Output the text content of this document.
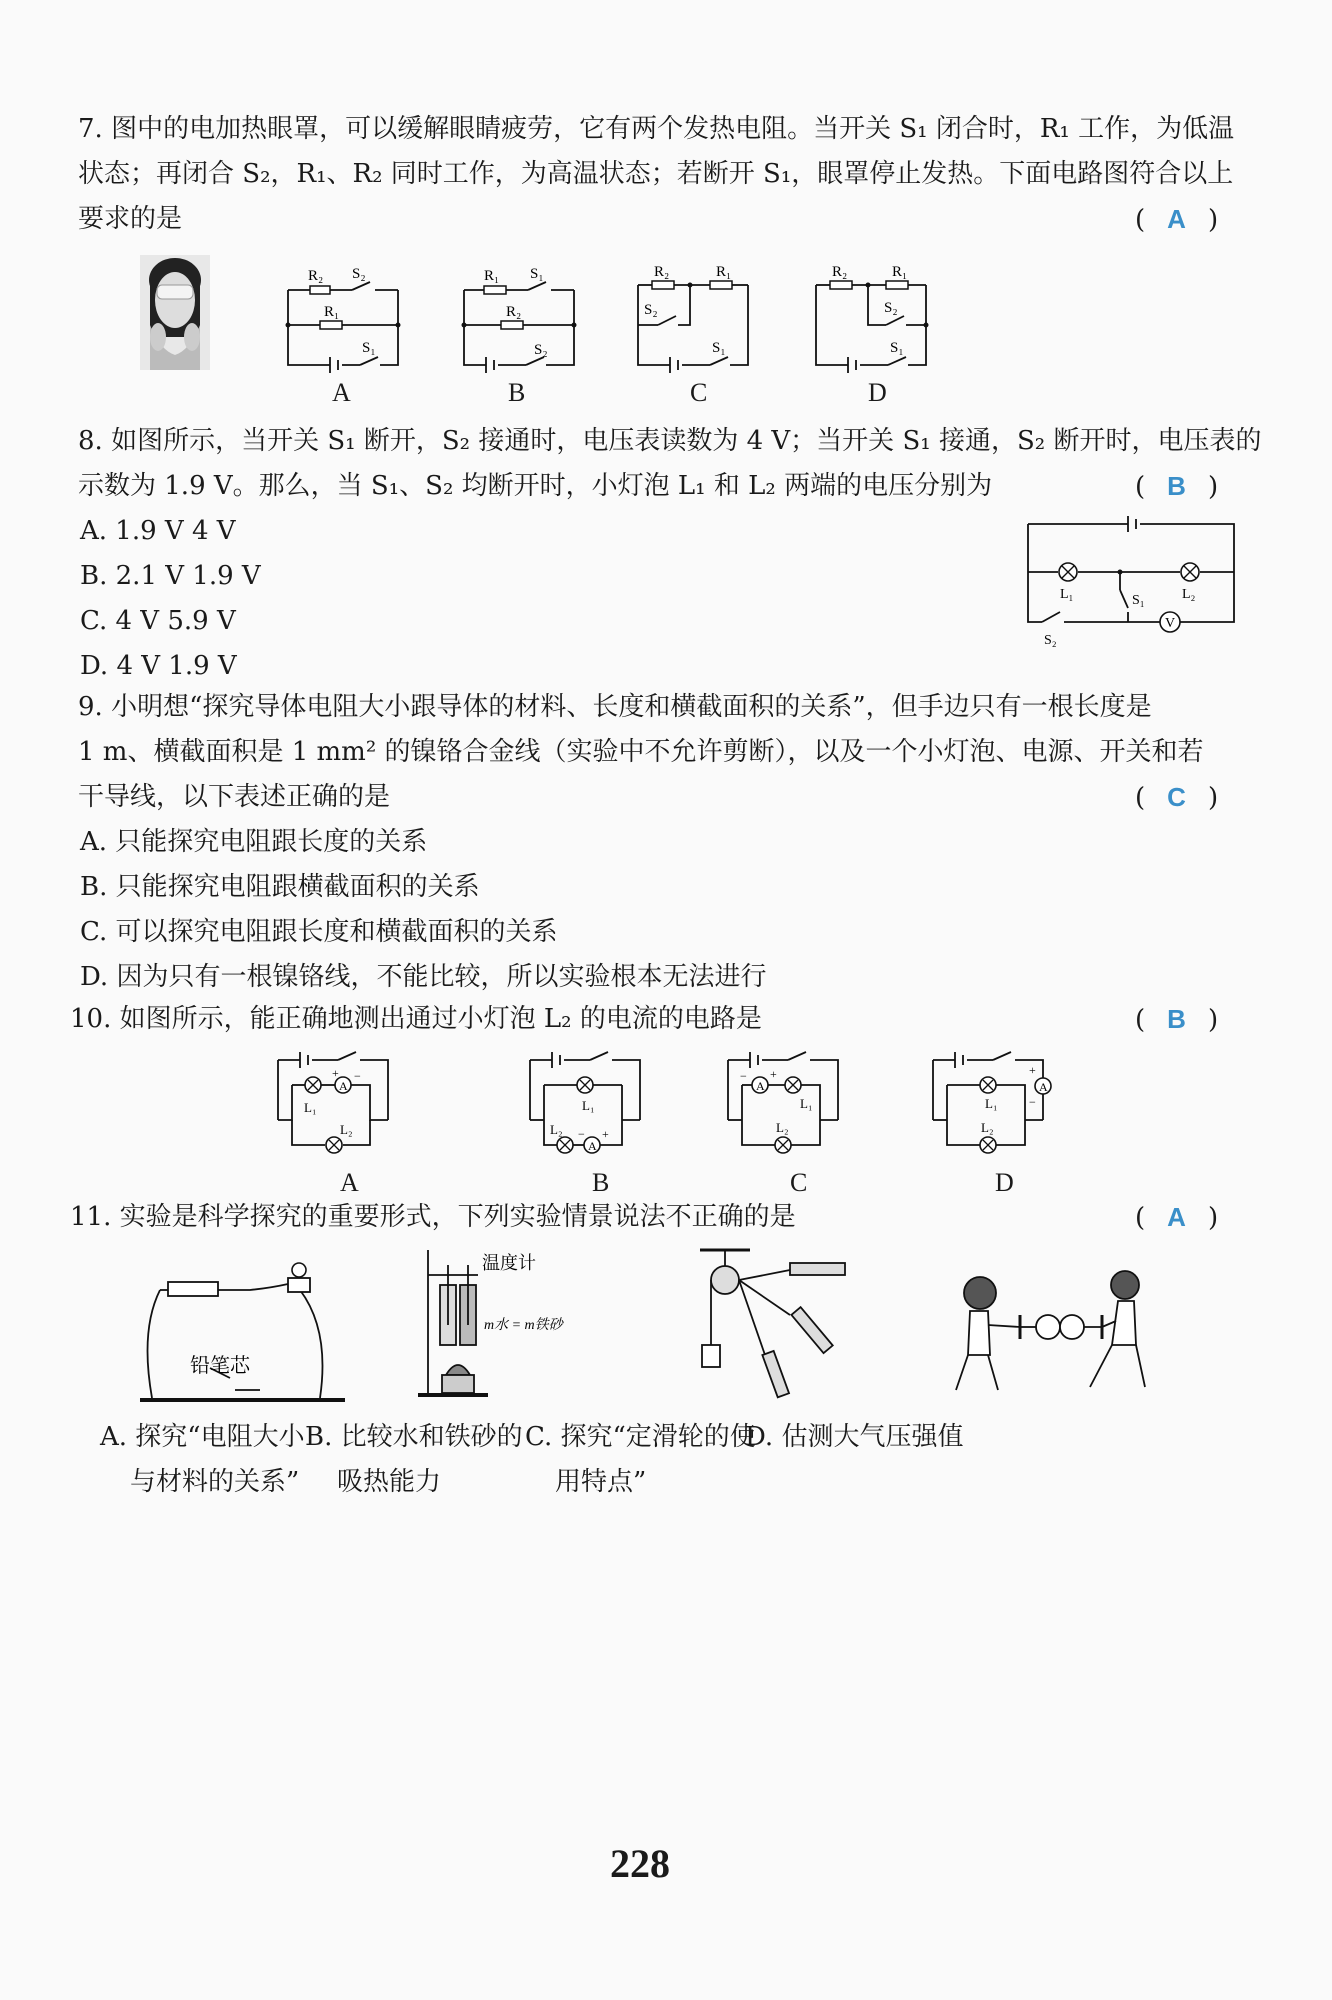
7. 图中的电加热眼罩，可以缓解眼睛疲劳，它有两个发热电阻。当开关 S₁ 闭合时，R₁ 工作，为低温
状态；再闭合 S₂，R₁、R₂ 同时工作，为高温状态；若断开 S₁，眼罩停止发热。下面电路图符合以上
要求的是	( A )
R₂ S₂
R₁
S₁
A
R₁ S₁
R₂
S₂
B
R₂	R₁
S₂
S₁
C
R₂	R₁
S₂
S₁
D
8. 如图所示，当开关 S₁ 断开，S₂ 接通时，电压表读数为 4 V；当开关 S₁ 接通，S₂ 断开时，电压表的
示数为 1.9 V。那么，当 S₁、S₂ 均断开时，小灯泡 L₁ 和 L₂ 两端的电压分别为	( B )
A. 1.9 V 4 V
B. 2.1 V 1.9 V
C. 4 V 5.9 V
D. 4 V 1.9 V
V
L₁	L₂
S₁
S₂
9. 小明想“探究导体电阻大小跟导体的材料、长度和横截面积的关系”，但手边只有一根长度是
1 m、横截面积是 1 mm² 的镍铬合金线（实验中不允许剪断），以及一个小灯泡、电源、开关和若
干导线，以下表述正确的是	( C )
A. 只能探究电阻跟长度的关系
B. 只能探究电阻跟横截面积的关系
C. 可以探究电阻跟长度和横截面积的关系
D. 因为只有一根镍铬线，不能比较，所以实验根本无法进行
10. 如图所示，能正确地测出通过小灯泡 L₂ 的电流的电路是	( B )
A
+ −
L₁
L₂
A
A
− +
L₁
L₂
B
A
− +
L₁
L₂
C
A
+
−
L₁
L₂
D
11. 实验是科学探究的重要形式，下列实验情景说法不正确的是	( A )
铅笔芯
温度计
m水 = m铁砂
A. 探究“电阻大小
与材料的关系”
B. 比较水和铁砂的
吸热能力
C. 探究“定滑轮的使
用特点”
D. 估测大气压强值
228
